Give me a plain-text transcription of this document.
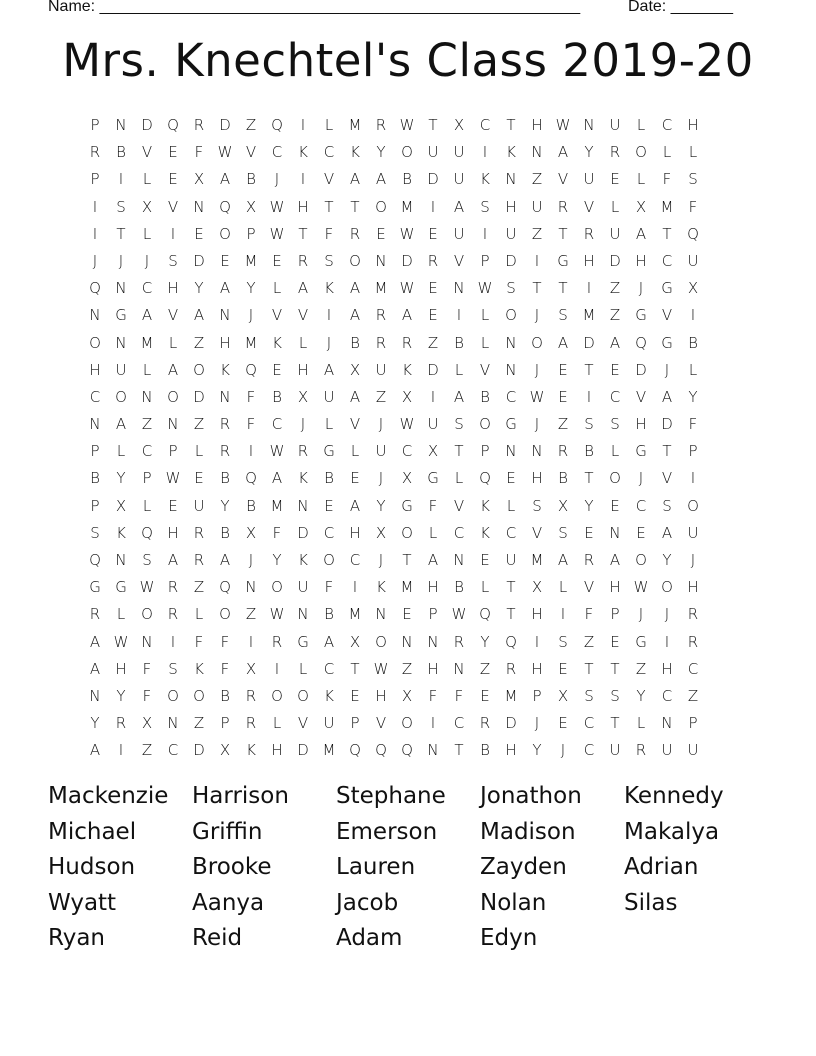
Name: ______________________________________________________	Date: _______
Mrs. Knechtel's Class 2019-20
P	N D Q R	D	Z Q	I	L	M R W T	X	C	T	H W N U	L	C	H
R	B	V	E	F W V	C	K	C	K	Y	O U	U	I	K	N	A	Y	R O	L	L
P	I	L	E	X	A	B	J	I	V	A	A	B	D U	K	N	Z	V	U	E	L	F	S
I	S	X	V	N Q X W H	T	T	O M	I	A	S	H U	R	V	L	X M	F
I	T	L	I	E	O	P W T	F	R	E W E	U	I	U	Z	T	R	U	A	T	Q
J	J	J	S	D	E M E	R	S	O N D	R	V	P	D	I	G H D H	C	U
Q N	C	H	Y	A	Y	L	A	K	A M W E	N W S	T	T	I	Z	J	G	X
N G	A	V	A	N	J	V	V	I	A	R	A	E	I	L	O	J	S M Z	G	V	I
O N M	L	Z	H M K	L	J	B	R	R	Z	B	L	N O A	D	A Q G	B
H U	L	A O	K	Q	E	H	A	X	U	K	D	L	V	N	J	E	T	E	D	J	L
C O N O D N	F	B	X	U	A	Z	X	I	A	B	C W E	I	C	V	A	Y
N	A	Z	N	Z	R	F	C	J	L	V	J	W U	S	O G	J	Z	S	S	H D	F
P	L	C	P	L	R	I	W R G	L	U	C	X	T	P	N N	R	B	L	G	T	P
B	Y	P W E	B	Q A	K	B	E	J	X	G	L	Q	E	H	B	T	O	J	V	I
P	X	L	E	U	Y	B M N	E	A	Y	G	F	V	K	L	S	X	Y	E	C	S	O
S	K	Q H	R	B	X	F	D C	H	X O	L	C	K	C	V	S	E	N	E	A	U
Q N	S	A	R	A	J	Y	K	O C	J	T	A	N	E	U M A	R	A O	Y	J
G G W R	Z Q N O U	F	I	K M H	B	L	T	X	L	V	H W O H
R	L	O R	L	O Z W N	B M N	E	P W Q	T	H	I	F	P	J	J	R
A W N	I	F	F	I	R G	A	X O N N	R	Y	Q	I	S	Z	E	G	I	R
A	H	F	S	K	F	X	I	L	C	T W Z	H N	Z	R	H	E	T	T	Z	H	C
N	Y	F	O O	B	R O O	K	E	H	X	F	F	E M	P	X	S	S	Y	C	Z
Y	R	X	N	Z	P	R	L	V	U	P	V O	I	C	R	D	J	E	C	T	L	N	P
A	I	Z	C D	X	K	H D M Q Q Q N	T	B	H	Y	J	C	U	R	U	U
Mackenzie	Harrison	Stephane	Jonathon	Kennedy
Michael	Griffin	Emerson	Madison	Makalya
Hudson	Brooke	Lauren	Zayden	Adrian
Wyatt	Aanya	Jacob	Nolan	Silas
Ryan	Reid	Adam	Edyn
